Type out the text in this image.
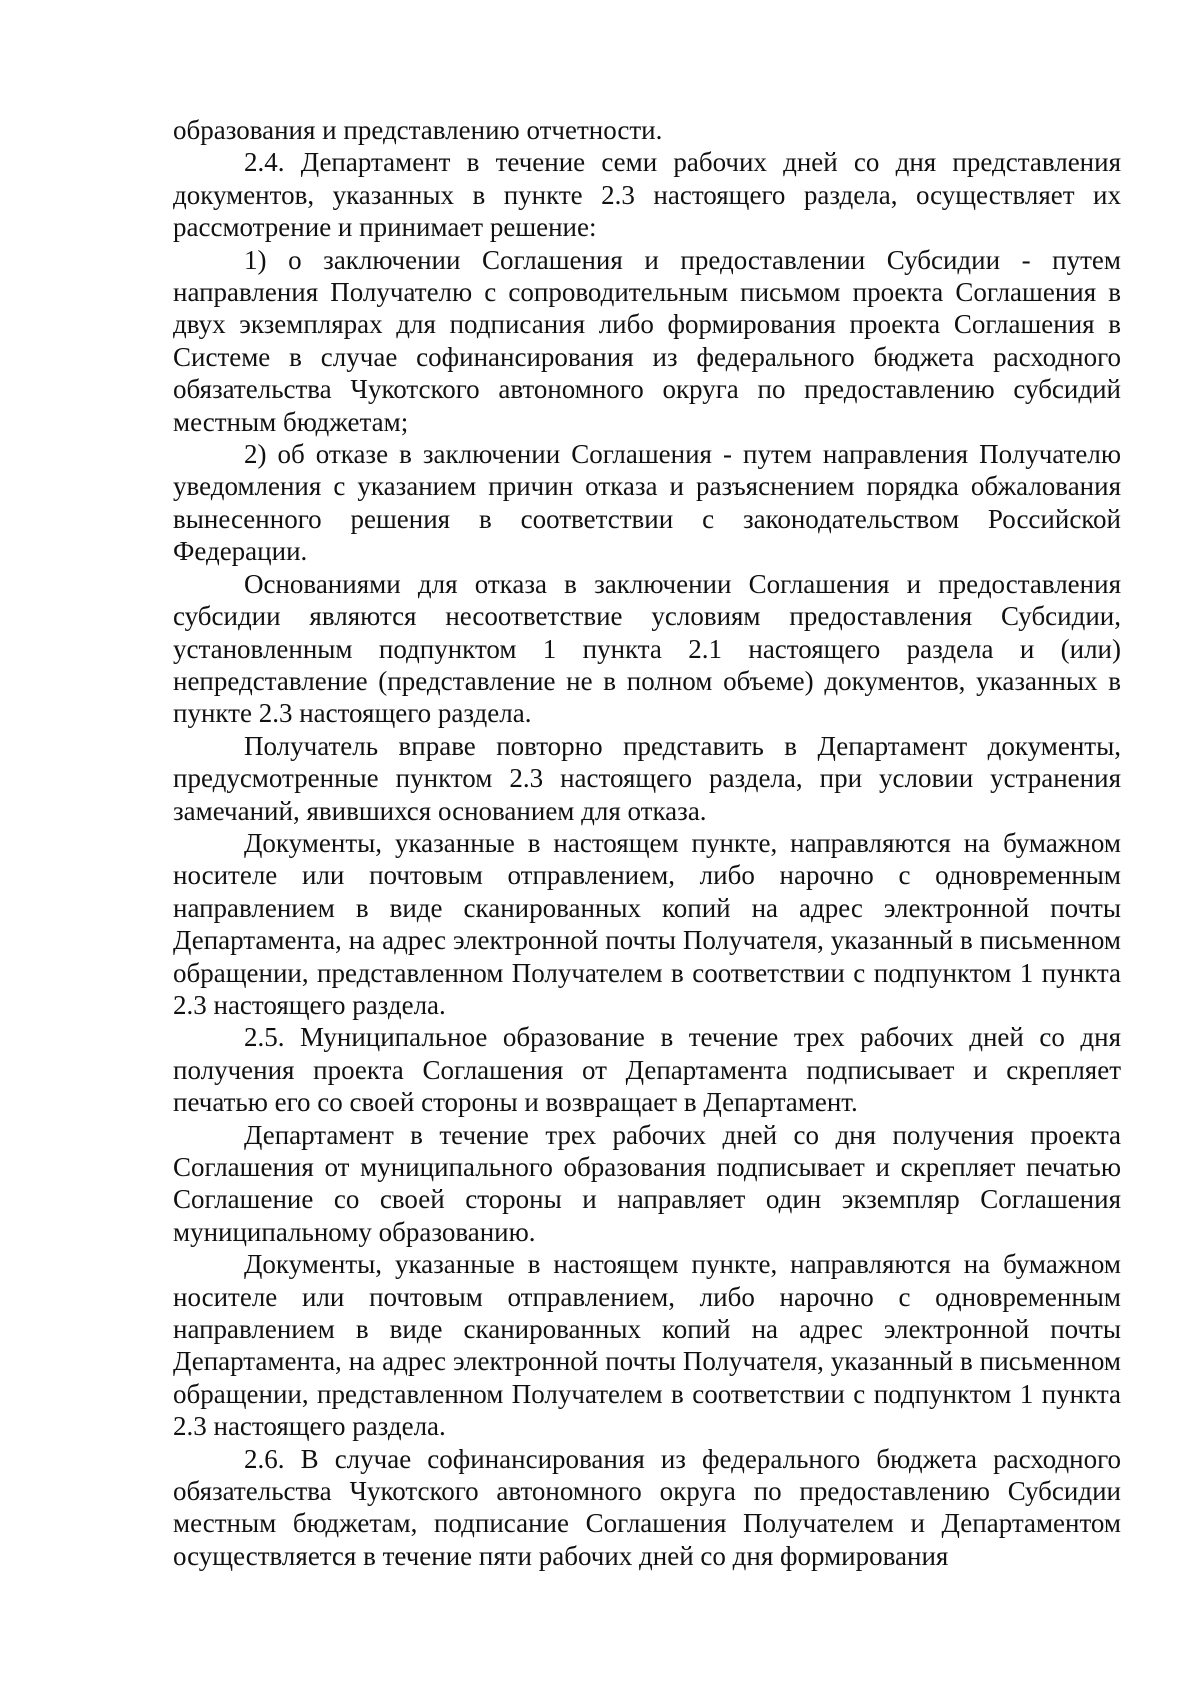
образования и представлению отчетности.

2.4. Департамент в течение семи рабочих дней со дня представления документов, указанных в пункте 2.3 настоящего раздела, осуществляет их рассмотрение и принимает решение:

1) о заключении Соглашения и предоставлении Субсидии - путем направления Получателю с сопроводительным письмом проекта Соглашения в двух экземплярах для подписания либо формирования проекта Соглашения в Системе в случае софинансирования из федерального бюджета расходного обязательства Чукотского автономного округа по предоставлению субсидий местным бюджетам;

2) об отказе в заключении Соглашения - путем направления Получателю уведомления с указанием причин отказа и разъяснением порядка обжалования вынесенного решения в соответствии с законодательством Российской Федерации.

Основаниями для отказа в заключении Соглашения и предоставления субсидии являются несоответствие условиям предоставления Субсидии, установленным подпунктом 1 пункта 2.1 настоящего раздела и (или) непредставление (представление не в полном объеме) документов, указанных в пункте 2.3 настоящего раздела.

Получатель вправе повторно представить в Департамент документы, предусмотренные пунктом 2.3 настоящего раздела, при условии устранения замечаний, явившихся основанием для отказа.

Документы, указанные в настоящем пункте, направляются на бумажном носителе или почтовым отправлением, либо нарочно с одновременным направлением в виде сканированных копий на адрес электронной почты Департамента, на адрес электронной почты Получателя, указанный в письменном обращении, представленном Получателем в соответствии с подпунктом 1 пункта 2.3 настоящего раздела.

2.5. Муниципальное образование в течение трех рабочих дней со дня получения проекта Соглашения от Департамента подписывает и скрепляет печатью его со своей стороны и возвращает в Департамент.

Департамент в течение трех рабочих дней со дня получения проекта Соглашения от муниципального образования подписывает и скрепляет печатью Соглашение со своей стороны и направляет один экземпляр Соглашения муниципальному образованию.

Документы, указанные в настоящем пункте, направляются на бумажном носителе или почтовым отправлением, либо нарочно с одновременным направлением в виде сканированных копий на адрес электронной почты Департамента, на адрес электронной почты Получателя, указанный в письменном обращении, представленном Получателем в соответствии с подпунктом 1 пункта 2.3 настоящего раздела.

2.6. В случае софинансирования из федерального бюджета расходного обязательства Чукотского автономного округа по предоставлению Субсидии местным бюджетам, подписание Соглашения Получателем и Департаментом осуществляется в течение пяти рабочих дней со дня формирования
